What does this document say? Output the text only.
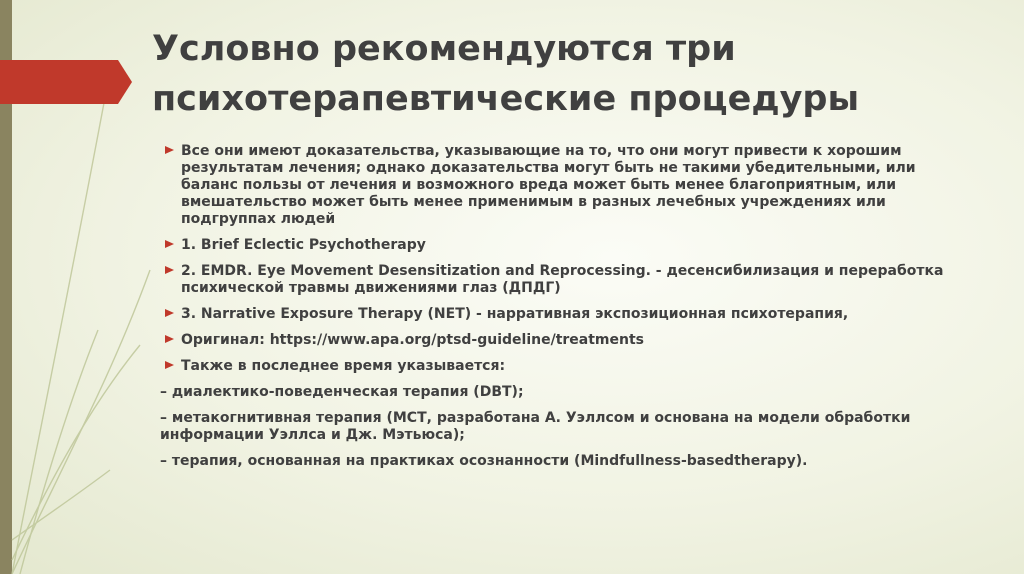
Условно рекомендуются три
психотерапевтические процедуры
Все они имеют доказательства, указывающие на то, что они могут привести к хорошим
результатам лечения; однако доказательства могут быть не такими убедительными, или
баланс пользы от лечения и возможного вреда может быть менее благоприятным, или
вмешательство может быть менее применимым в разных лечебных учреждениях или
подгруппах людей
1. Brief Eclectic Psychotherapy
2. EMDR. Eye Movement Desensitization and Reprocessing. - десенсибилизация и переработка
психической травмы движениями глаз (ДПДГ)
3. Narrative Exposure Therapy (NET) - нарративная экспозиционная психотерапия,
Оригинал: https://www.apa.org/ptsd-guideline/treatments
Также в последнее время указывается:
– диалектико-поведенческая терапия (DBT);
– метакогнитивная терапия (МСТ, разработана А. Уэллсом и основана на модели обработки
информации Уэллса и Дж. Мэтьюса);
– терапия, основанная на практиках осознанности (Mindfullness-basedtherapy).
